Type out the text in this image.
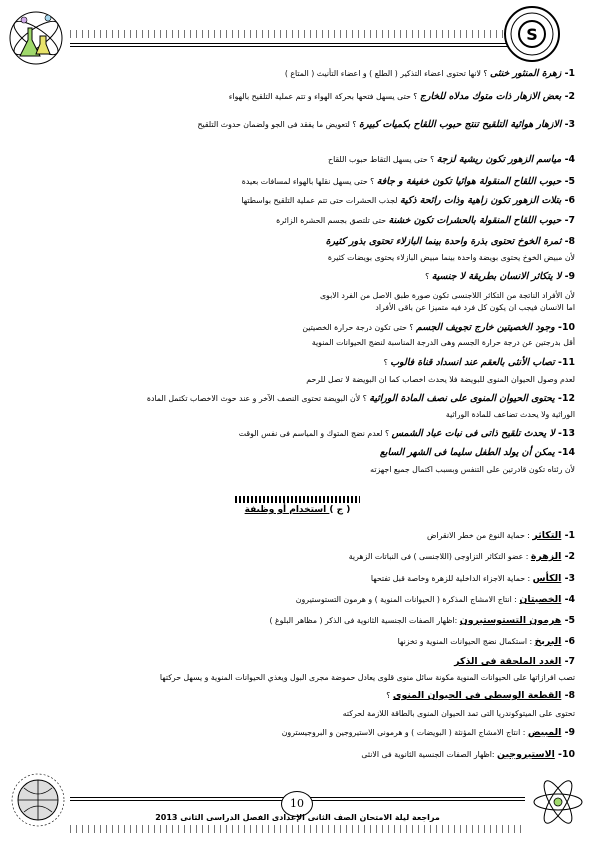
S
1- زهرة المنثور خنثى ؟ لانها تحتوى اعضاء التذكير ( الطلع ) و اعضاء التأنيث ( المتاع )
2- بعض الازهار ذات متوك مدلاه للخارج ؟ حتى يسهل فتحها بحركة الهواء و تتم عملية التلقيح بالهواء
3- الازهار هوائية التلقيح تنتج حبوب اللقاح بكميات كبيرة ؟ لتعويض ما يفقد فى الجو ولضمان حدوث التلقيح
4- مياسم الزهور تكون ريشية لزجة ؟ حتى يسهل التقاط حبوب اللقاح
5- حبوب اللقاح المنقولة هوائيا تكون خفيفة و جافة ؟ حتى يسهل نقلها بالهواء لمسافات بعيدة
6- بتلات الزهور تكون زاهية وذات رائحة ذكية لجذب الحشرات حتى تتم عملية التلقيح بواسطتها
7- حبوب اللقاح المنقولة بالحشرات تكون خشنة حتى تلتصق بجسم الحشرة الزائرة
8- ثمرة الخوخ تحتوى بذرة واحدة بينما البازلاء تحتوى بذور كثيرة
لأن مبيض الخوخ يحتوى بويضة واحدة بينما مبيض البازلاء يحتوى بويضات كثيرة
9- لا يتكاثر الانسان بطريقة لا جنسية ؟
لأن الأفراد الناتجة من التكاثر اللاجنسى تكون صورة طبق الاصل من الفرد الابوى
اما الانسان فيجب ان يكون كل فرد فيه متميزا عن باقى الأفراد
10- وجود الخصيتين خارج تجويف الجسم ؟ حتى تكون درجة حرارة الخصيتين
أقل بدرجتين عن درجة حرارة الجسم وهى الدرجة المناسبة لنضج الحيوانات المنوية
11- تصاب الأنثى بالعقم عند انسداد قناة فالوب ؟
لعدم وصول الحيوان المنوى للبويضة فلا يحدث اخصاب كما ان البويضة لا تصل للرحم
12- يحتوى الحيوان المنوى على نصف المادة الوراثية ؟ لأن البويضة تحتوى النصف الآخر و عند حوث الاخصاب تكتمل المادة
الوراثية ولا يحدث تضاعف للمادة الوراثية
13- لا يحدث تلقيح ذاتى فى نبات عباد الشمس ؟ لعدم نضج المتوك و المياسم فى نفس الوقت
14- يمكن أن يولد الطفل سليما فى الشهر السابع
لأن رئتاه تكون قادرتين على التنفس وبسبب اكتمال جميع اجهزته
1- التكاثر : حماية النوع من خطر الانقراض
2- الزهرة : عضو التكاثر التزاوجى (اللاجنسى ) فى النباتات الزهرية
3- الكأس : حماية الاجزاء الداخلية للزهرة وخاصة قبل تفتحها
4- الخصيتان : انتاج الامشاج المذكرة ( الحيوانات المنوية ) و هرمون التستوستيرون
5- هرمون التستوستيرون :اظهار الصفات الجنسية الثانوية فى الذكر ( مظاهر البلوغ )
6- البربخ : استكمال نضج الحيوانات المنوية و تخزنها
7- الغدد الملحقة فى الذكر
تصب افرازاتها على الحيوانات المنوية مكونة سائل منوى قلوى يعادل حموضة مجرى البول ويغذي الحيوانات المنوية و يسهل حركتها
8- القطعة الوسطى فى الحيوان المنوى ؟
تحتوى على الميتوكوندريا التى تمد الحيوان المنوى بالطاقة اللازمة لحركته
9- المبيض : انتاج الامشاج المؤنثة ( البويضات ) و هرمونى الاستيروجين و البروجيسترون
10- الاستيروجين :اظهار الصفات الجنسية الثانوية فى الانثى
( ج ) استخدام أو وظيفة
10
مراجعة ليلة الامتحان الصف الثانى الإعدادى الفصل الدراسى الثانى 2013
